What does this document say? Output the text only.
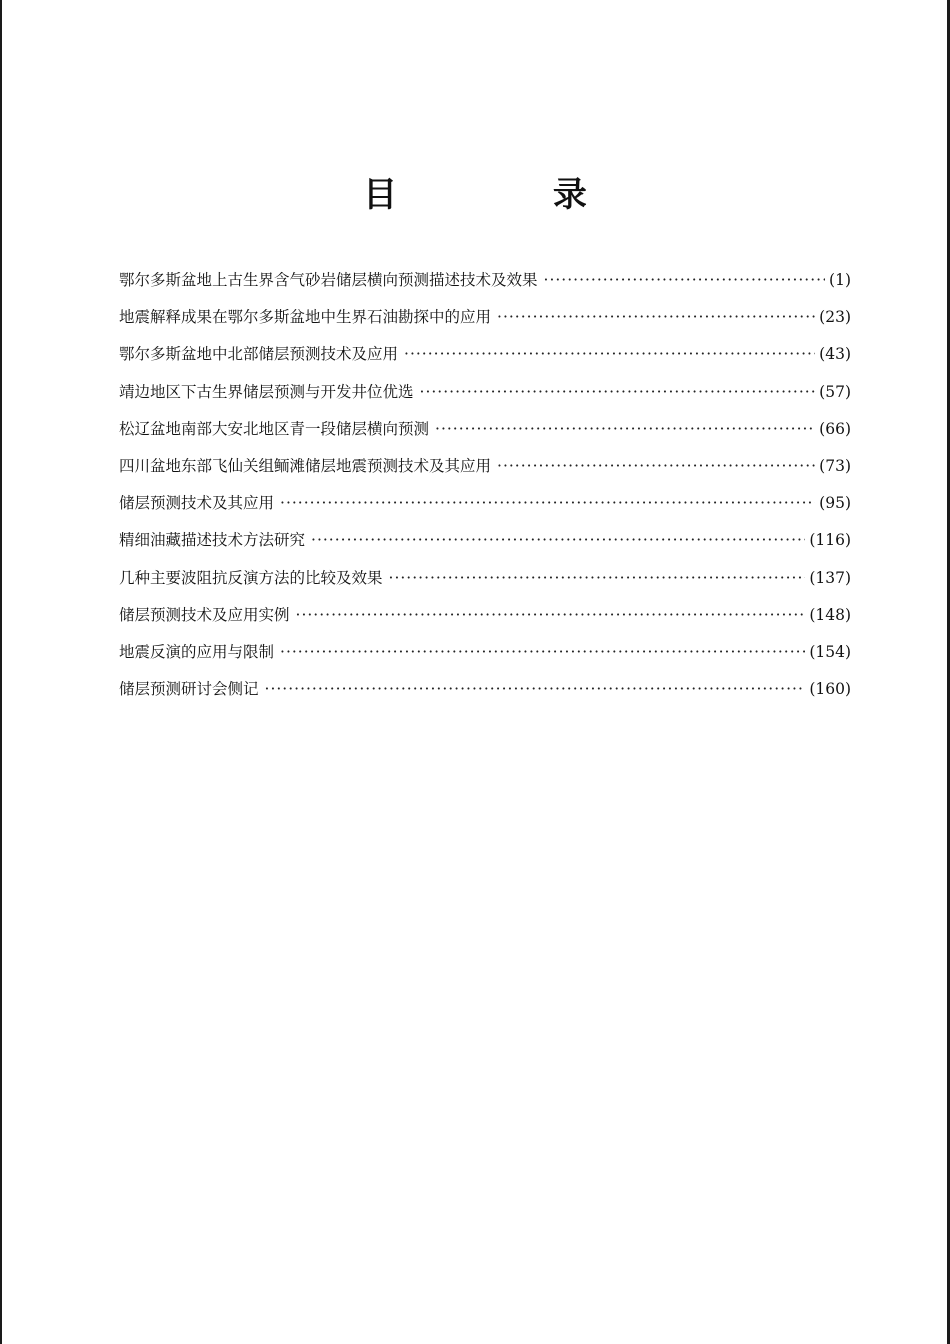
目 录
鄂尔多斯盆地上古生界含气砂岩储层横向预测描述技术及效果 ·····	(1)
地震解释成果在鄂尔多斯盆地中生界石油勘探中的应用 ·····	(23)
鄂尔多斯盆地中北部储层预测技术及应用 ·····	(43)
靖边地区下古生界储层预测与开发井位优选 ·····	(57)
松辽盆地南部大安北地区青一段储层横向预测 ·····	(66)
四川盆地东部飞仙关组鲕滩储层地震预测技术及其应用 ·····	(73)
储层预测技术及其应用 ·····	(95)
精细油藏描述技术方法研究 ·····	(116)
几种主要波阻抗反演方法的比较及效果 ·····	(137)
储层预测技术及应用实例 ·····	(148)
地震反演的应用与限制 ·····	(154)
储层预测研讨会侧记 ·····	(160)
